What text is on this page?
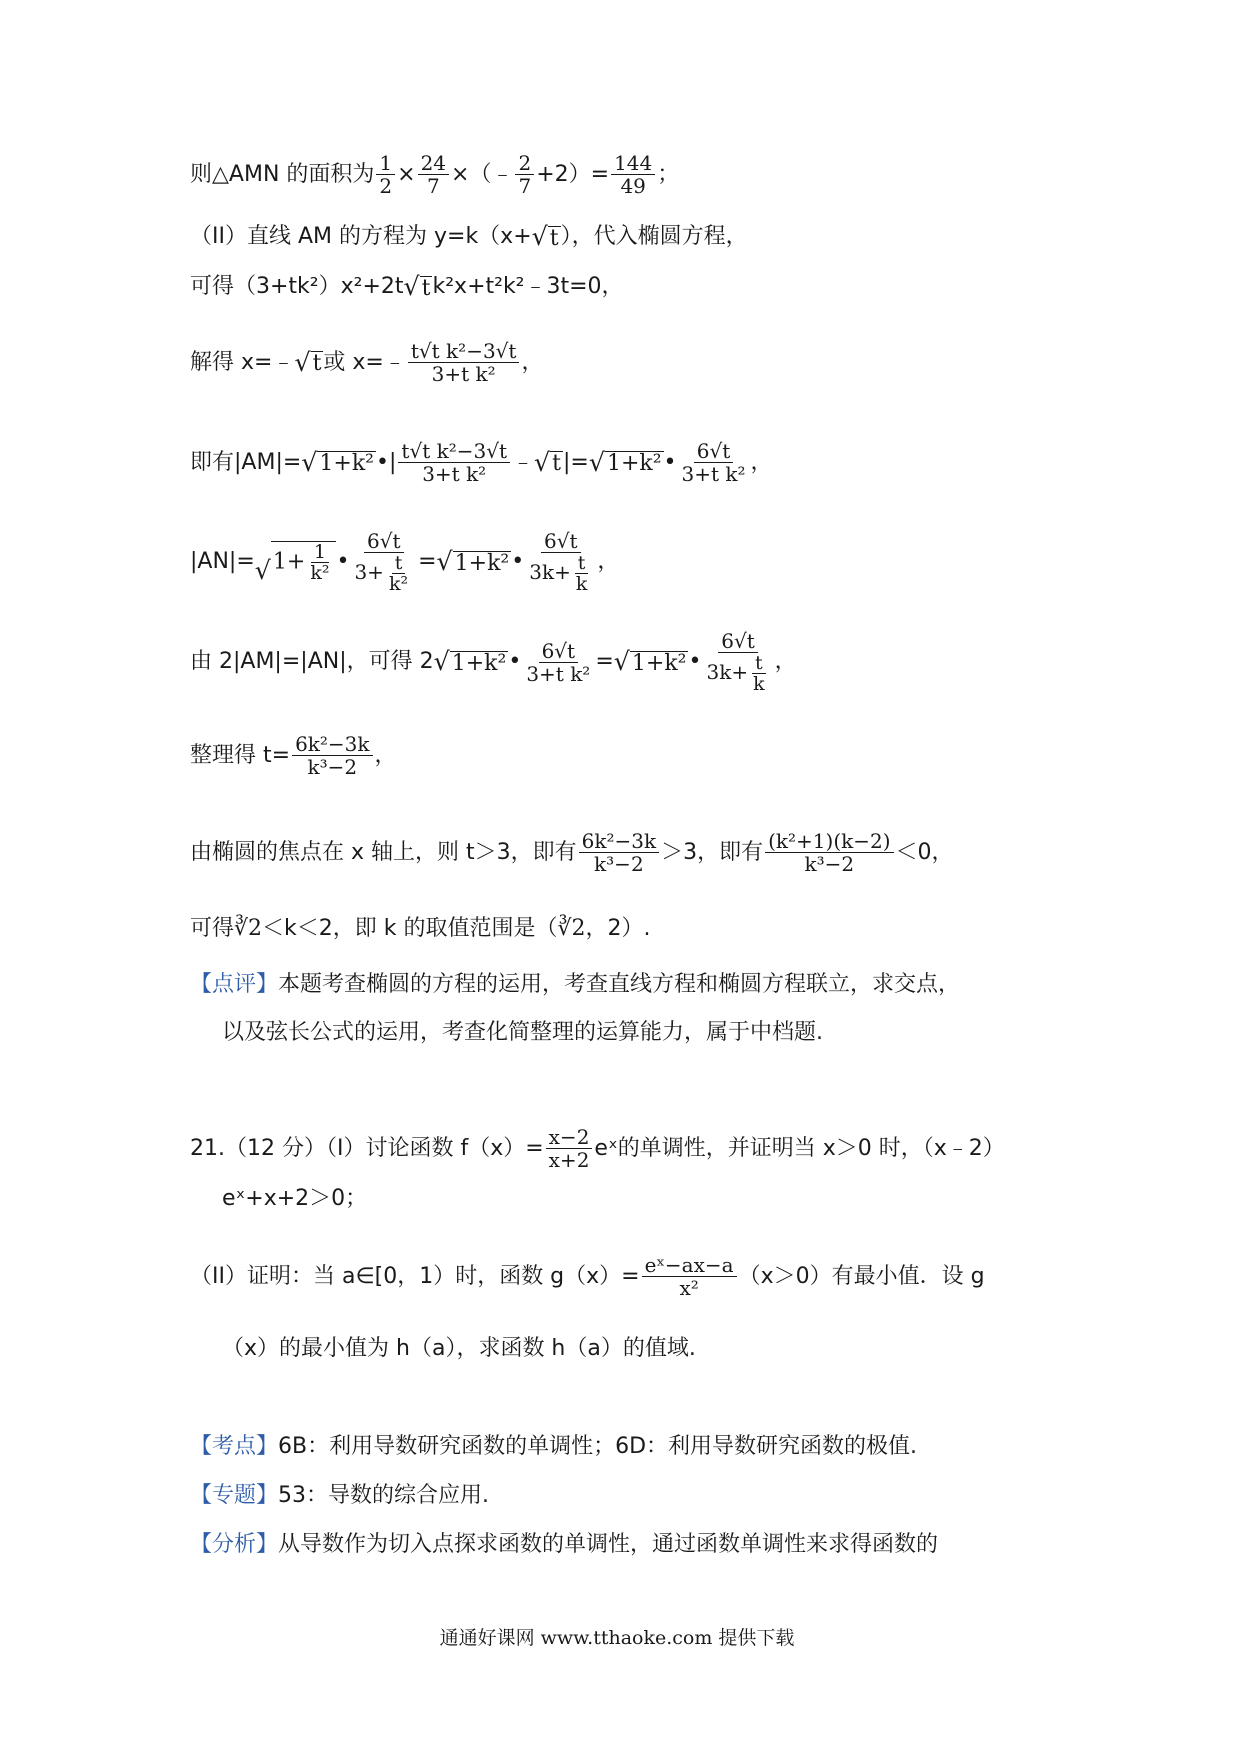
则△AMN 的面积为 $\frac{1}{2} \times \frac{24}{7}$ ×（﹣ $\frac{2}{7} +2)= \frac{144}{49}$ ；
（II）直线 AM 的方程为 y=k（x+ √ t ），代入椭圆方程，
可得（3+tk²）x²+2t √ t k²x+t²k²﹣3t=0，
解得 x=﹣ √ t 或 x=﹣ $\frac{\text{t√t k²−3√t}}{\text{3+t k²}}$ ，
即有|AM|= √ 1+k² •| $\frac{\text{t√t k²−3√t}}{\text{3+t k²}}$ ﹣ √ t |= √ 1+k² • $\frac{6√t}{\text{3+t k²}}$ ，
|AN|= √ $1+ \frac{1}{\text{k²}}$ • $\frac{6√t}{3+ \frac{t}{\text{k²}}}$ = √ 1+k² • $\frac{6√t}{3k+ \frac{t}{k}}$ ，
由 2|AM|=|AN|，可得 2 √ 1+k² • $\frac{6√t}{\text{3+t k²}}$ = √ 1+k² • $\frac{6√t}{3k+ \frac{t}{k}}$ ，
整理得 $t= \frac{\text{6k²−3k}}{\text{k³−2}}$ ，
由椭圆的焦点在 x 轴上，则 t＞3，即有 $\frac{\text{6k²−3k}}{\text{k³−2}} >3$，即有 $\frac{\text{(k²+1)(k−2)}}{\text{k³−2}} <0$，
可得 ∛2 ＜k＜2，即 k 的取值范围是（ ∛2 ，2）.
【点评】 本题考查椭圆的方程的运用，考查直线方程和椭圆方程联立，求交点，
以及弦长公式的运用，考查化简整理的运算能力，属于中档题.
21.（12 分）（Ⅰ）讨论函数 $f(x)= \frac{x-2}{x+2}$ eˣ的单调性，并证明当 x＞0 时，（x﹣2）
eˣ+x+2＞0；
（II）证明：当 a∈[0，1）时，函数 $g(x)= \frac{\text{eˣ−ax−a}}{\text{x²}} (x>0)$有最小值．设 g
（x）的最小值为 h（a），求函数 h（a）的值域.
【考点】 6B：利用导数研究函数的单调性；6D：利用导数研究函数的极值.
【专题】 53：导数的综合应用.
【分析】 从导数作为切入点探求函数的单调性，通过函数单调性来求得函数的
通通好课网 www.tthaoke.com 提供下载
